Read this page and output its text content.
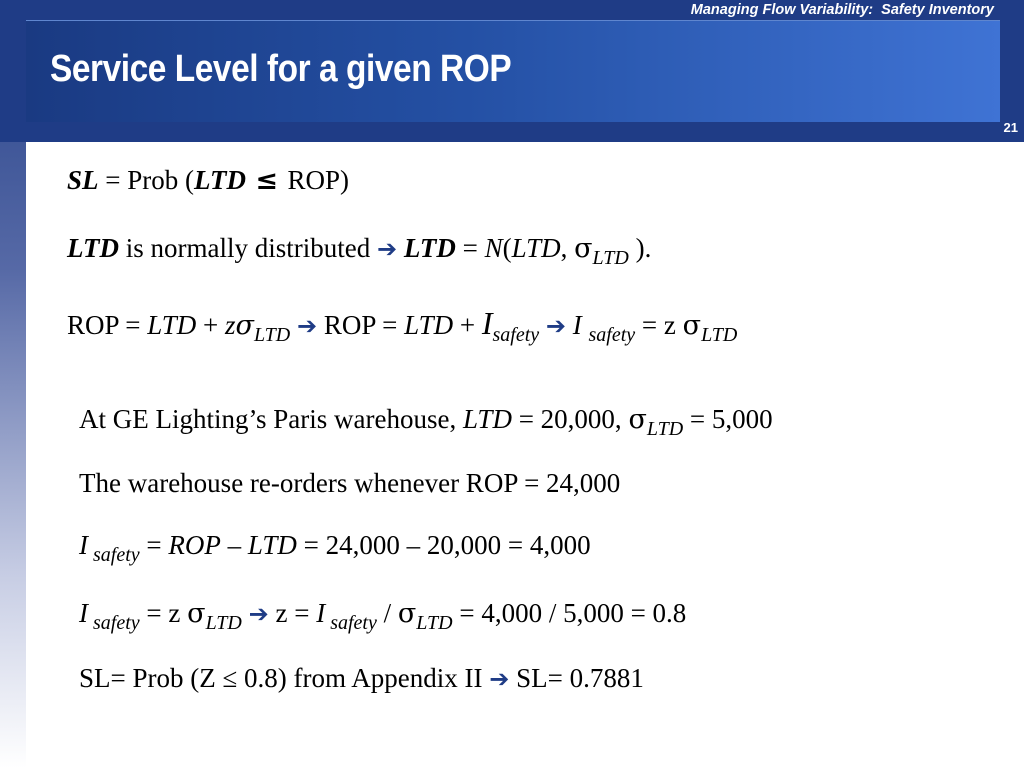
Service Level for a given ROP
Managing Flow Variability:  Safety Inventory
21
SL = Prob (LTD ≤ ROP)
LTD is normally distributed ➔ LTD = N(LTD, $\sigma_{LTD}$ ).
ROP = LTD + $z\sigma_{LTD}$ ➔ ROP = LTD + $I_{safety}$ ➔ I $_{safety}$ = z $\sigma_{LTD}$
At GE Lighting’s Paris warehouse, LTD = 20,000, $\sigma_{LTD} = 5,000$
The warehouse re-orders whenever ROP = 24,000
I $_{safety}$ = ROP – LTD = 24,000 – 20,000 = 4,000
I $_{safety}$ = z $\sigma_{LTD}$ ➔ z = I $_{safety} / \sigma_{LTD} = 4,000 / 5,000 = 0.8$
SL= Prob (Z ≤ 0.8) from Appendix II ➔ SL= 0.7881
